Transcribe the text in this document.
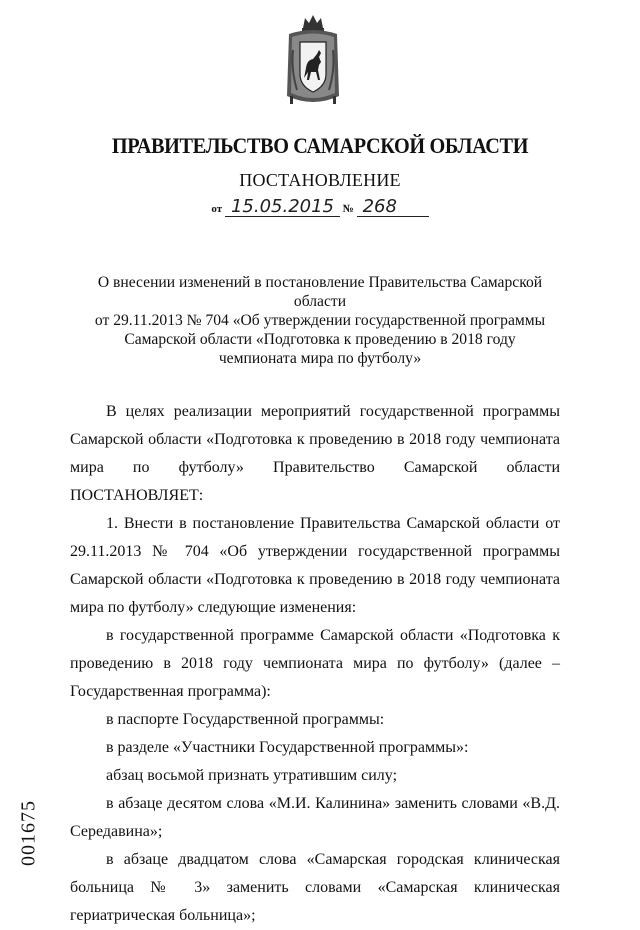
ПРАВИТЕЛЬСТВО САМАРСКОЙ ОБЛАСТИ
ПОСТАНОВЛЕНИЕ
от 15.05.2015 № 268
О внесении изменений в постановление Правительства Самарской области
от 29.11.2013 № 704 «Об утверждении государственной программы
Самарской области «Подготовка к проведению в 2018 году
чемпионата мира по футболу»

В целях реализации мероприятий государственной программы Самарской области «Подготовка к проведению в 2018 году чемпионата мира по футболу» Правительство Самарской области ПОСТАНОВЛЯЕТ:

1. Внести в постановление Правительства Самарской области от 29.11.2013 № 704 «Об утверждении государственной программы Самарской области «Подготовка к проведению в 2018 году чемпионата мира по футболу» следующие изменения:

в государственной программе Самарской области «Подготовка к проведению в 2018 году чемпионата мира по футболу» (далее – Государственная программа):

в паспорте Государственной программы:

в разделе «Участники Государственной программы»:

абзац восьмой признать утратившим силу;

в абзаце десятом слова «М.И. Калинина» заменить словами «В.Д. Середавина»;

в абзаце двадцатом слова «Самарская городская клиническая больница № 3» заменить словами «Самарская клиническая гериатрическая больница»;

001675
